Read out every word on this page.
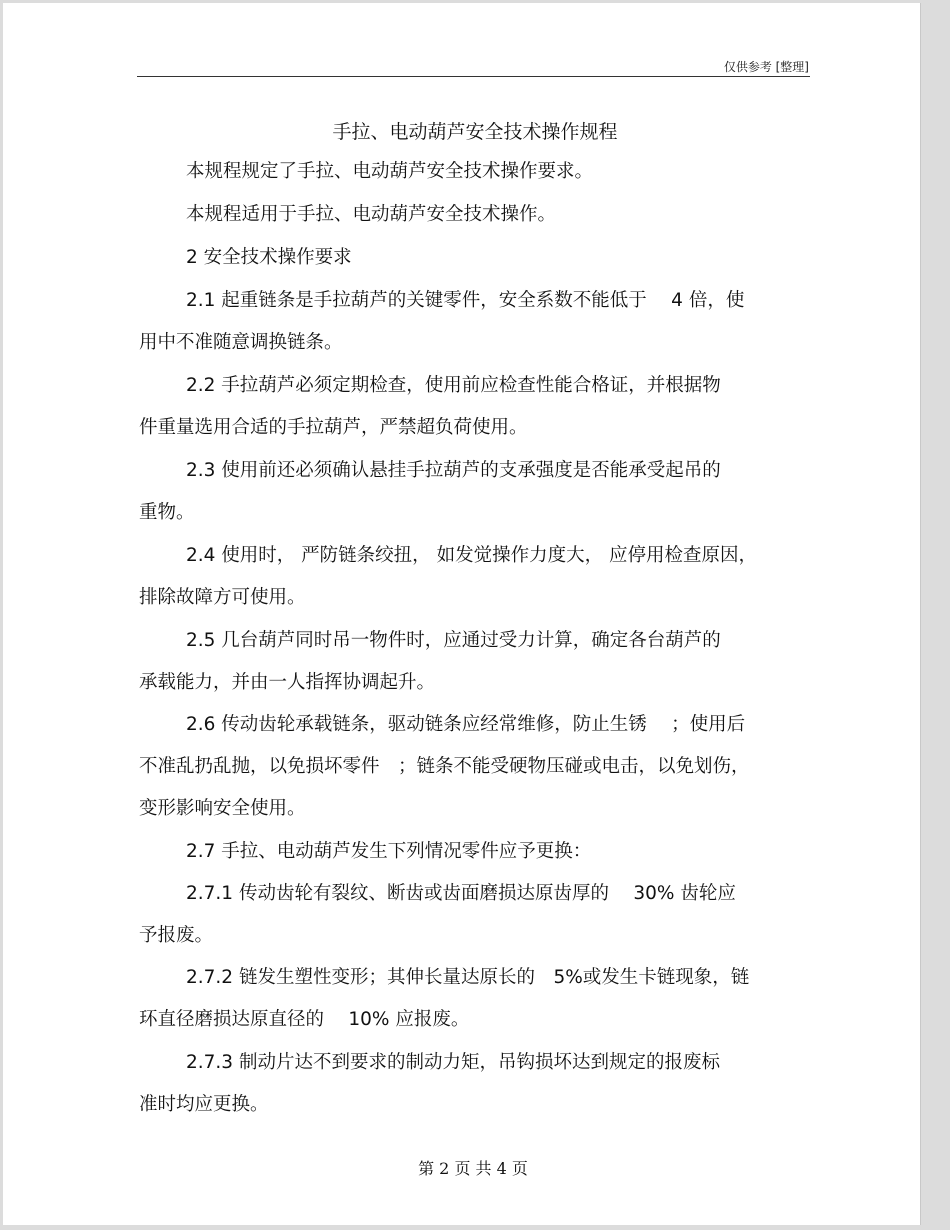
仅供参考 [整理]
手拉、电动葫芦安全技术操作规程
本规程规定了手拉、电动葫芦安全技术操作要求。
本规程适用于手拉、电动葫芦安全技术操作。
2 安全技术操作要求
2.1 起重链条是手拉葫芦的关键零件，安全系数不能低于　 4 倍，使
用中不准随意调换链条。
2.2 手拉葫芦必须定期检查，使用前应检查性能合格证，并根据物
件重量选用合适的手拉葫芦，严禁超负荷使用。
2.3 使用前还必须确认悬挂手拉葫芦的支承强度是否能承受起吊的
重物。
2.4 使用时， 严防链条绞扭， 如发觉操作力度大， 应停用检查原因，
排除故障方可使用。
2.5 几台葫芦同时吊一物件时，应通过受力计算，确定各台葫芦的
承载能力，并由一人指挥协调起升。
2.6 传动齿轮承载链条，驱动链条应经常维修，防止生锈　 ；使用后
不准乱扔乱抛，以免损坏零件　；链条不能受硬物压碰或电击，以免划伤，
变形影响安全使用。
2.7 手拉、电动葫芦发生下列情况零件应予更换：
2.7.1 传动齿轮有裂纹、断齿或齿面磨损达原齿厚的　 30% 齿轮应
予报废。
2.7.2 链发生塑性变形；其伸长量达原长的　5%或发生卡链现象，链
环直径磨损达原直径的　 10% 应报废。
2.7.3 制动片达不到要求的制动力矩，吊钩损坏达到规定的报废标
准时均应更换。
第 2 页 共 4 页
